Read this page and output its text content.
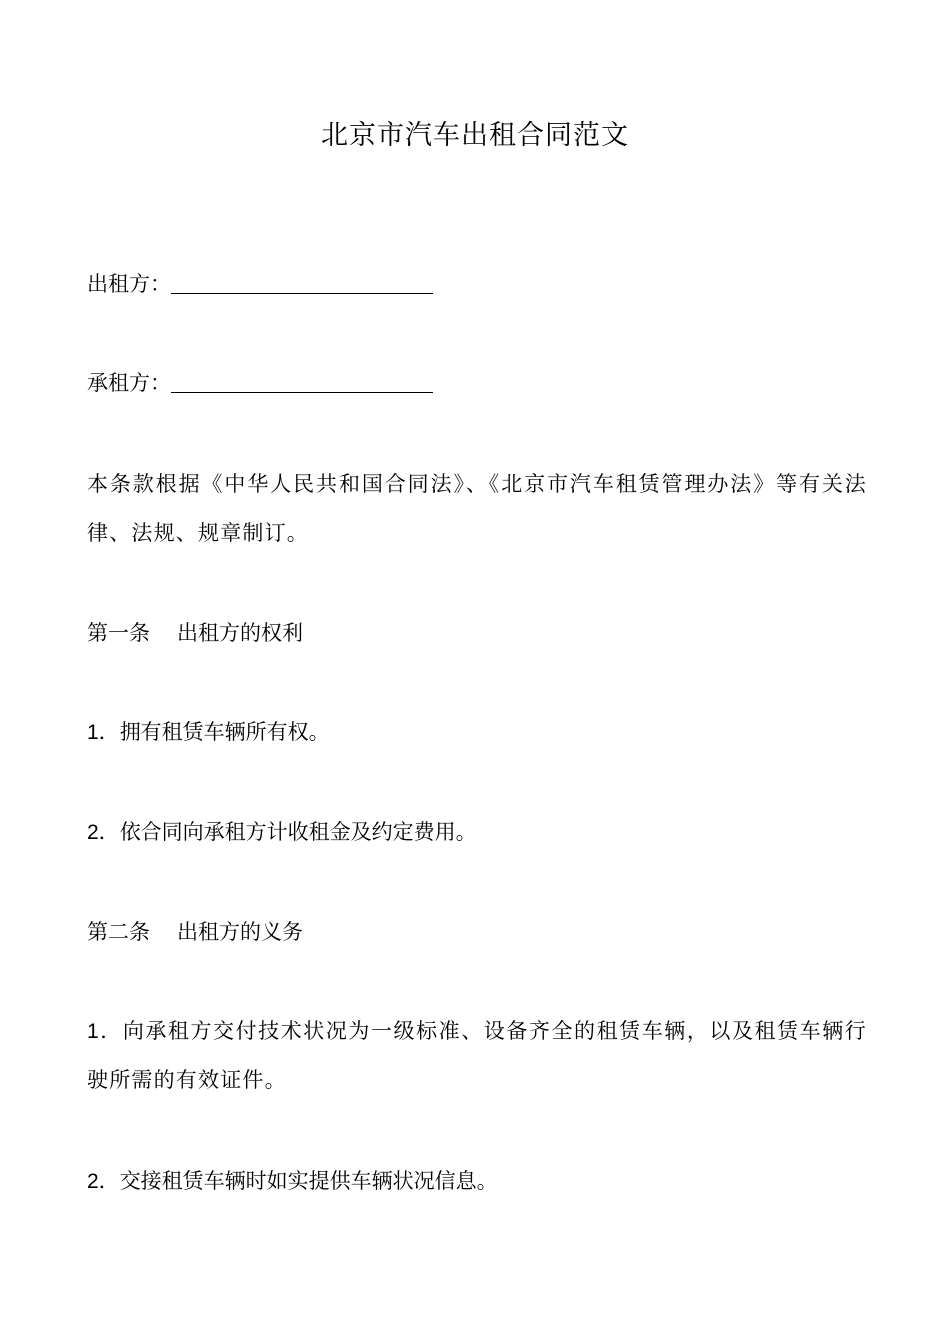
北京市汽车出租合同范文

出租方：

承租方：

本条款根据《中华人民共和国合同法》、《北京市汽车租赁管理办法》等有关法律、法规、规章制订。

第一条 出租方的权利

1．拥有租赁车辆所有权。

2．依合同向承租方计收租金及约定费用。

第二条 出租方的义务

1．向承租方交付技术状况为一级标准、设备齐全的租赁车辆，以及租赁车辆行驶所需的有效证件。

2．交接租赁车辆时如实提供车辆状况信息。
